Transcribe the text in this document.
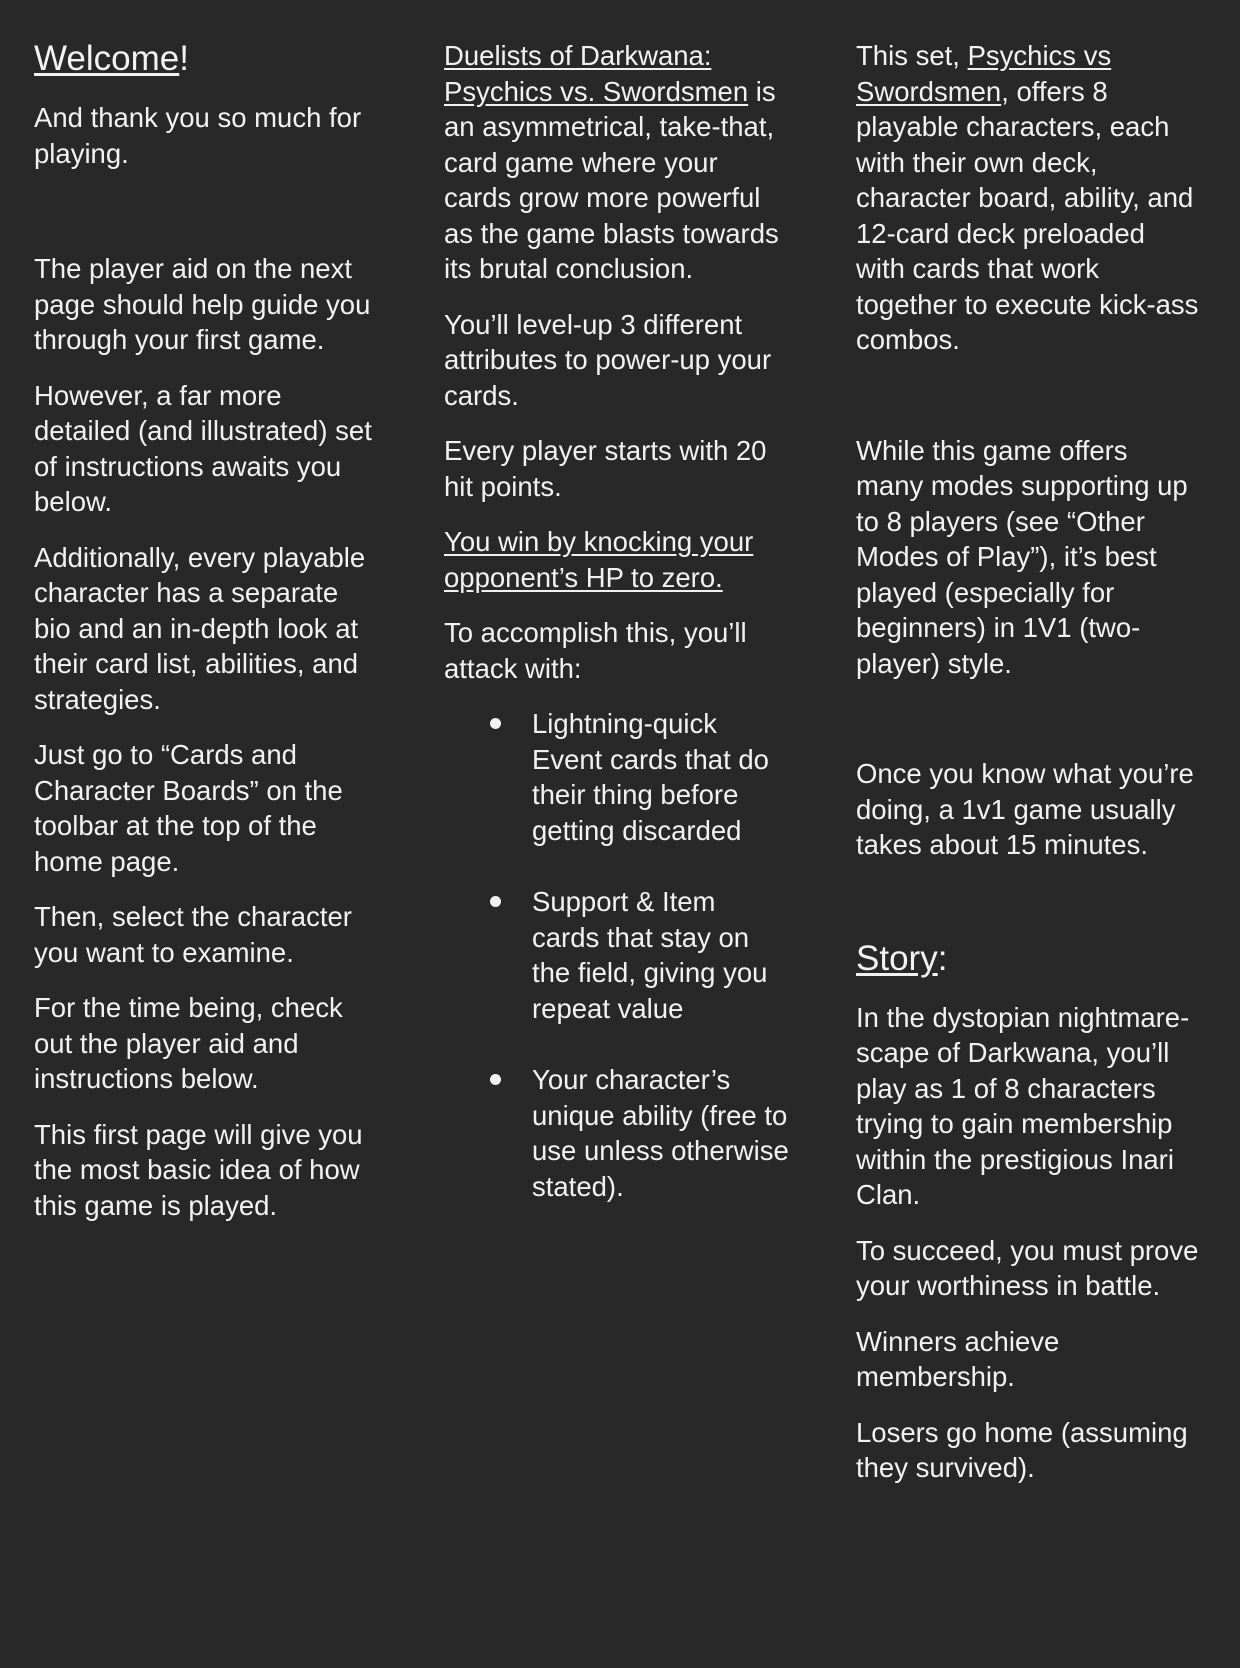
Welcome!

And thank you so much for playing.

The player aid on the next page should help guide you through your first game.

However, a far more detailed (and illustrated) set of instructions awaits you below.

Additionally, every playable character has a separate bio and an in-depth look at their card list, abilities, and strategies.

Just go to “Cards and Character Boards” on the toolbar at the top of the home page.

Then, select the character you want to examine.

For the time being, check out the player aid and instructions below.

This first page will give you the most basic idea of how this game is played.

Duelists of Darkwana: Psychics vs. Swordsmen is an asymmetrical, take-that, card game where your cards grow more powerful as the game blasts towards its brutal conclusion.

You’ll level-up 3 different attributes to power-up your cards.

Every player starts with 20 hit points.

You win by knocking your opponent’s HP to zero.

To accomplish this, you’ll attack with:

Lightning-quick Event cards that do their thing before getting discarded
Support & Item cards that stay on the field, giving you repeat value
Your character’s unique ability (free to use unless otherwise stated).

This set, Psychics vs Swordsmen, offers 8 playable characters, each with their own deck, character board, ability, and 12-card deck preloaded with cards that work together to execute kick-ass combos.

While this game offers many modes supporting up to 8 players (see “Other Modes of Play”), it’s best played (especially for beginners) in 1V1 (two-player) style.

Once you know what you’re doing, a 1v1 game usually takes about 15 minutes.

Story:

In the dystopian nightmare-scape of Darkwana, you’ll play as 1 of 8 characters trying to gain membership within the prestigious Inari Clan.

To succeed, you must prove your worthiness in battle.

Winners achieve membership.

Losers go home (assuming they survived).
